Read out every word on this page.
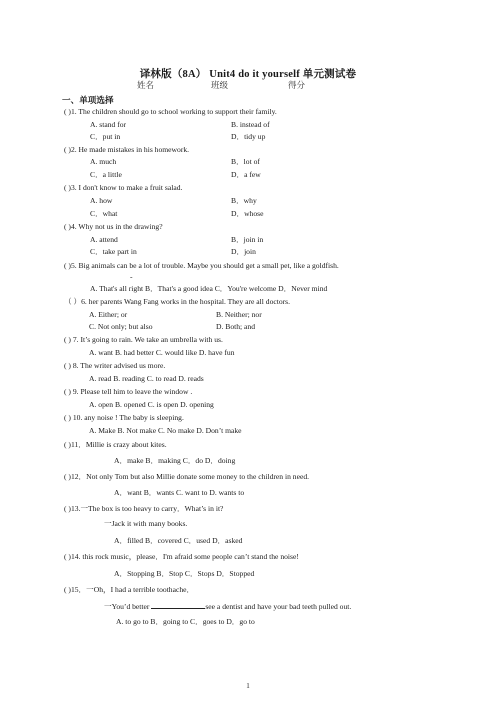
译林版（8A） Unit4 do it yourself 单元测试卷
姓名	班级	得分
一、单项选择
( )1. The children should go to school working to support their family.
A. stand for	B. instead of
C．put in	D．tidy up
( )2. He made mistakes in his homework.
A. much	B．lot of
C．a little	D．a few
( )3. I don't know to make a fruit salad.
A. how	B．why
C．what	D．whose
( )4. Why not us in the drawing?
A. attend	B．join in
C．take part in	D．join
( )5. Big animals can be a lot of trouble. Maybe you should get a small pet, like a goldfish.
-
A. That's all right B．That's a good idea C．You're welcome D．Never mind
（ ）6. her parents Wang Fang works in the hospital. They are all doctors.
A. Either; or	B. Neither; nor
C. Not only; but also	D. Both; and
( ) 7. It’s going to rain. We take an umbrella with us.
A. want B. had better C. would like D. have fun
( ) 8. The writer advised us more.
A. read B. reading C. to read D. reads
( ) 9. Please tell him to leave the window .
A. open B. opened C. is open D. opening
( ) 10. any noise ! The baby is sleeping.
A. Make B. Not make C. No make D. Don’t make
( )11．Millie is crazy about kites.
A．make B．making C．do D．doing
( )12．Not only Tom but also Millie donate some money to the children in need.
A．want B．wants C. want to D. wants to
( )13.一The box is too heavy to carry．What’s in it?
一Jack it with many books.
A．filled B．covered C．used D．asked
( )14. this rock music，please．I'm afraid some people can’t stand the noise!
A．Stopping B．Stop C．Stops D．Stopped
( )15．一Oh，I had a terrible toothache．
一You’d better	see a dentist and have your bad teeth pulled out.
A. to go to B．going to C．goes to D．go to
1
